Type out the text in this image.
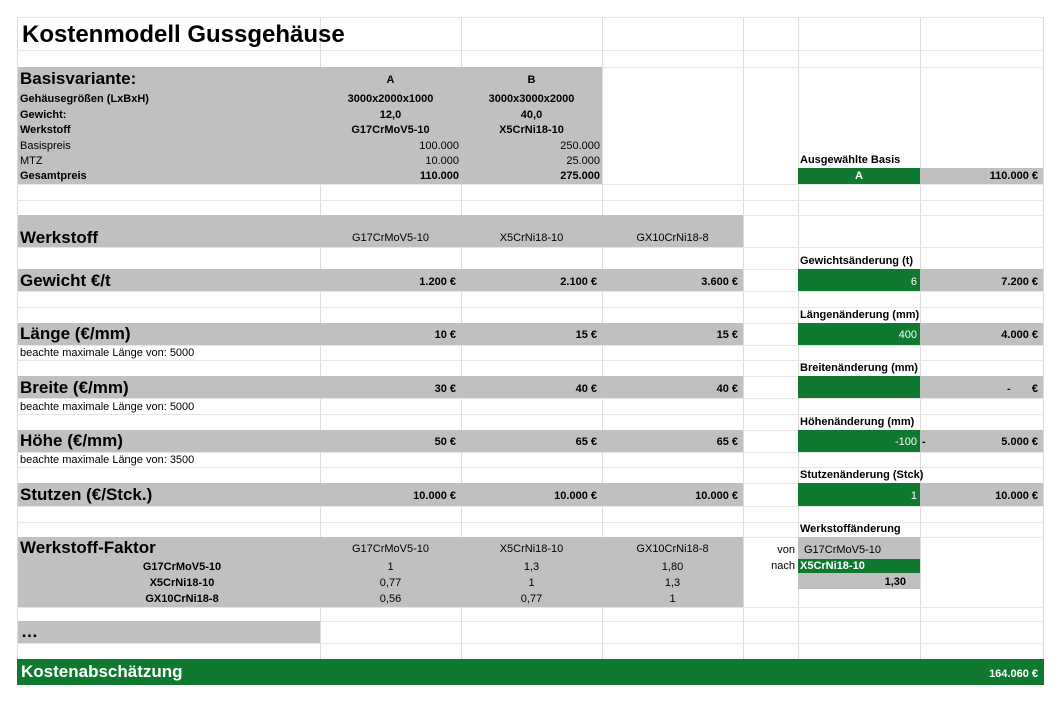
Kostenmodell Gussgehäuse
Basisvariante:	A	B
Gehäusegrößen (LxBxH)	3000x2000x1000	3000x3000x2000
Gewicht:	12,0	40,0
Werkstoff	G17CrMoV5-10	X5CrNi18-10
Basispreis	100.000	250.000
MTZ	10.000	25.000
Gesamtpreis	110.000	275.000
Werkstoff	G17CrMoV5-10	X5CrNi18-10	GX10CrNi18-8
Gewicht €/t	1.200 €	2.100 €	3.600 €
Länge (€/mm)	10 €	15 €	15 €
beachte maximale Länge von: 5000
Breite (€/mm)	30 €	40 €	40 €
beachte maximale Länge von: 5000
Höhe (€/mm)	50 €	65 €	65 €
beachte maximale Länge von: 3500
Stutzen (€/Stck.)	10.000 €	10.000 €	10.000 €
Werkstoff-Faktor	G17CrMoV5-10	X5CrNi18-10	GX10CrNi18-8
G17CrMoV5-10	1	1,3	1,80
X5CrNi18-10	0,77	1	1,3
GX10CrNi18-8	0,56	0,77	1
…
Kostenabschätzung	164.060 €
Ausgewählte Basis
A	110.000 €
Gewichtsänderung (t)
6	7.200 €
Längenänderung (mm)
400	4.000 €
Breitenänderung (mm)
-	€
Höhenänderung (mm)
-100 -	5.000 €
Stutzenänderung (Stck)
1	10.000 €
Werkstoffänderung
von G17CrMoV5-10
nach X5CrNi18-10
1,30
